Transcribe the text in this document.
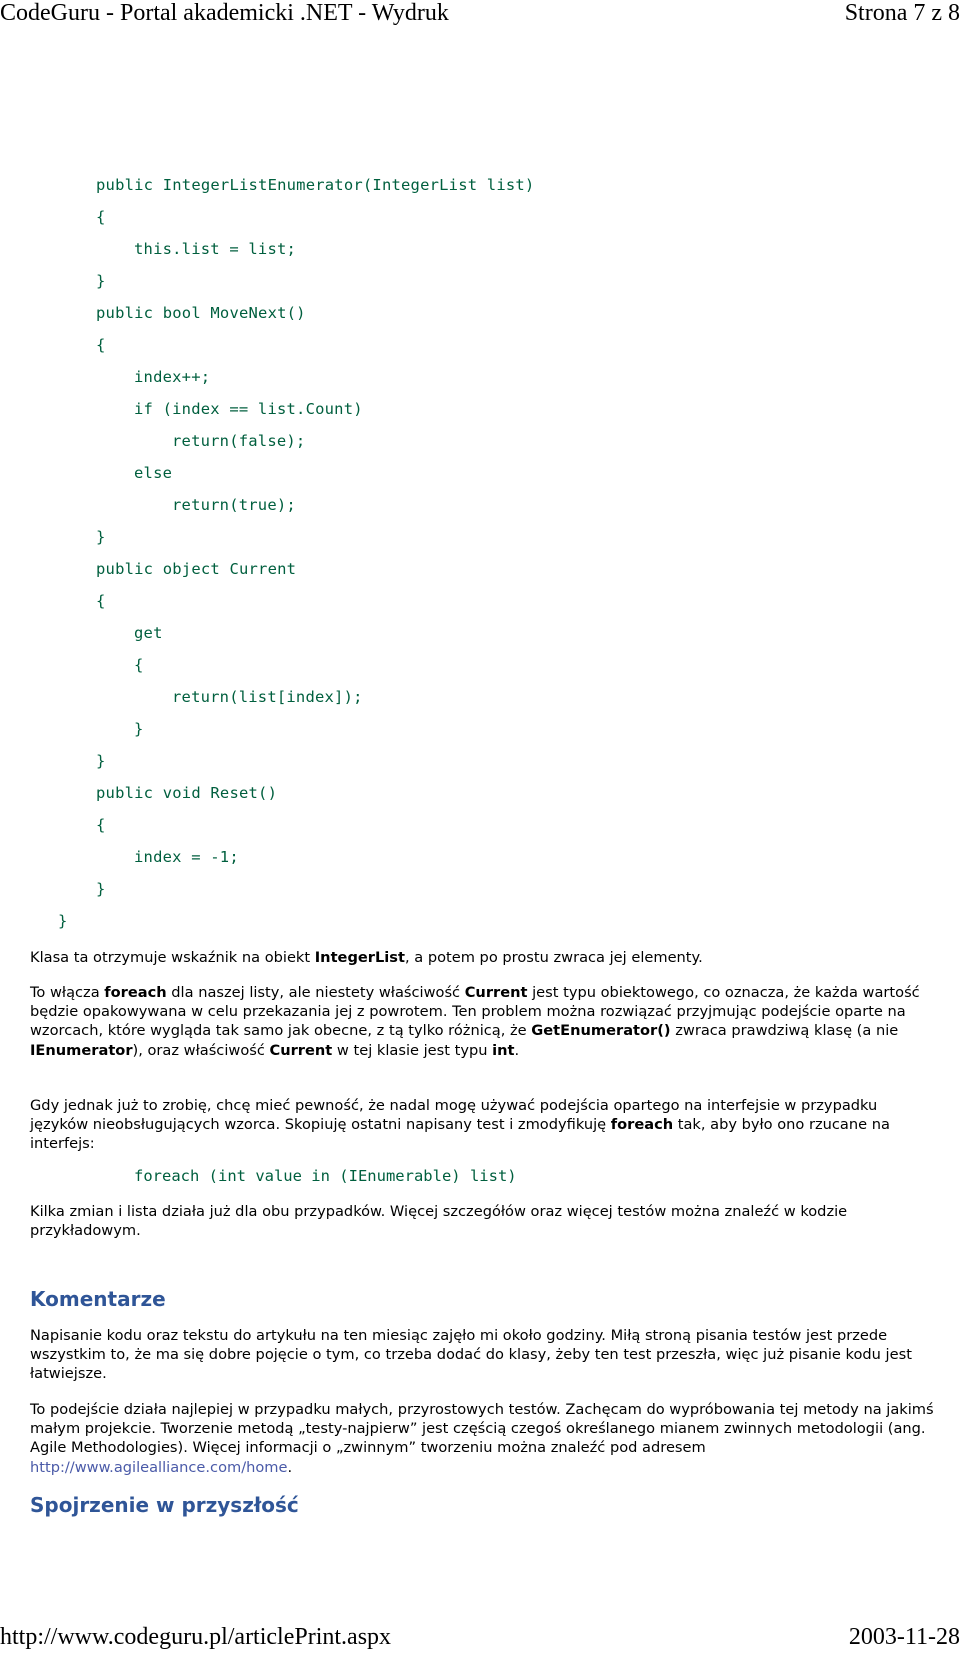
CodeGuru - Portal akademicki .NET - Wydruk	Strona 7 z 8
public IntegerListEnumerator(IntegerList list)
{
this.list = list;
}
public bool MoveNext()
{
index++;
if (index == list.Count)
return(false);
else
return(true);
}
public object Current
{
get
{
return(list[index]);
}
}
public void Reset()
{
index = -1;
}
}
Klasa ta otrzymuje wskaźnik na obiekt IntegerList, a potem po prostu zwraca jej elementy.
To włącza foreach dla naszej listy, ale niestety właściwość Current jest typu obiektowego, co oznacza, że każda wartość będzie opakowywana w celu przekazania jej z powrotem. Ten problem można rozwiązać przyjmując podejście oparte na wzorcach, które wygląda tak samo jak obecne, z tą tylko różnicą, że GetEnumerator() zwraca prawdziwą klasę (a nie IEnumerator), oraz właściwość Current w tej klasie jest typu int.
Gdy jednak już to zrobię, chcę mieć pewność, że nadal mogę używać podejścia opartego na interfejsie w przypadku języków nieobsługujących wzorca. Skopiuję ostatni napisany test i zmodyfikuję foreach tak, aby było ono rzucane na interfejs:
foreach (int value in (IEnumerable) list)
Kilka zmian i lista działa już dla obu przypadków. Więcej szczegółów oraz więcej testów można znaleźć w kodzie przykładowym.
Komentarze
Napisanie kodu oraz tekstu do artykułu na ten miesiąc zajęło mi około godziny. Miłą stroną pisania testów jest przede wszystkim to, że ma się dobre pojęcie o tym, co trzeba dodać do klasy, żeby ten test przeszła, więc już pisanie kodu jest łatwiejsze.
To podejście działa najlepiej w przypadku małych, przyrostowych testów. Zachęcam do wypróbowania tej metody na jakimś małym projekcie. Tworzenie metodą „testy-najpierw” jest częścią czegoś określanego mianem zwinnych metodologii (ang. Agile Methodologies). Więcej informacji o „zwinnym” tworzeniu można znaleźć pod adresem http://www.agilealliance.com/home.
Spojrzenie w przyszłość
http://www.codeguru.pl/articlePrint.aspx	2003-11-28
